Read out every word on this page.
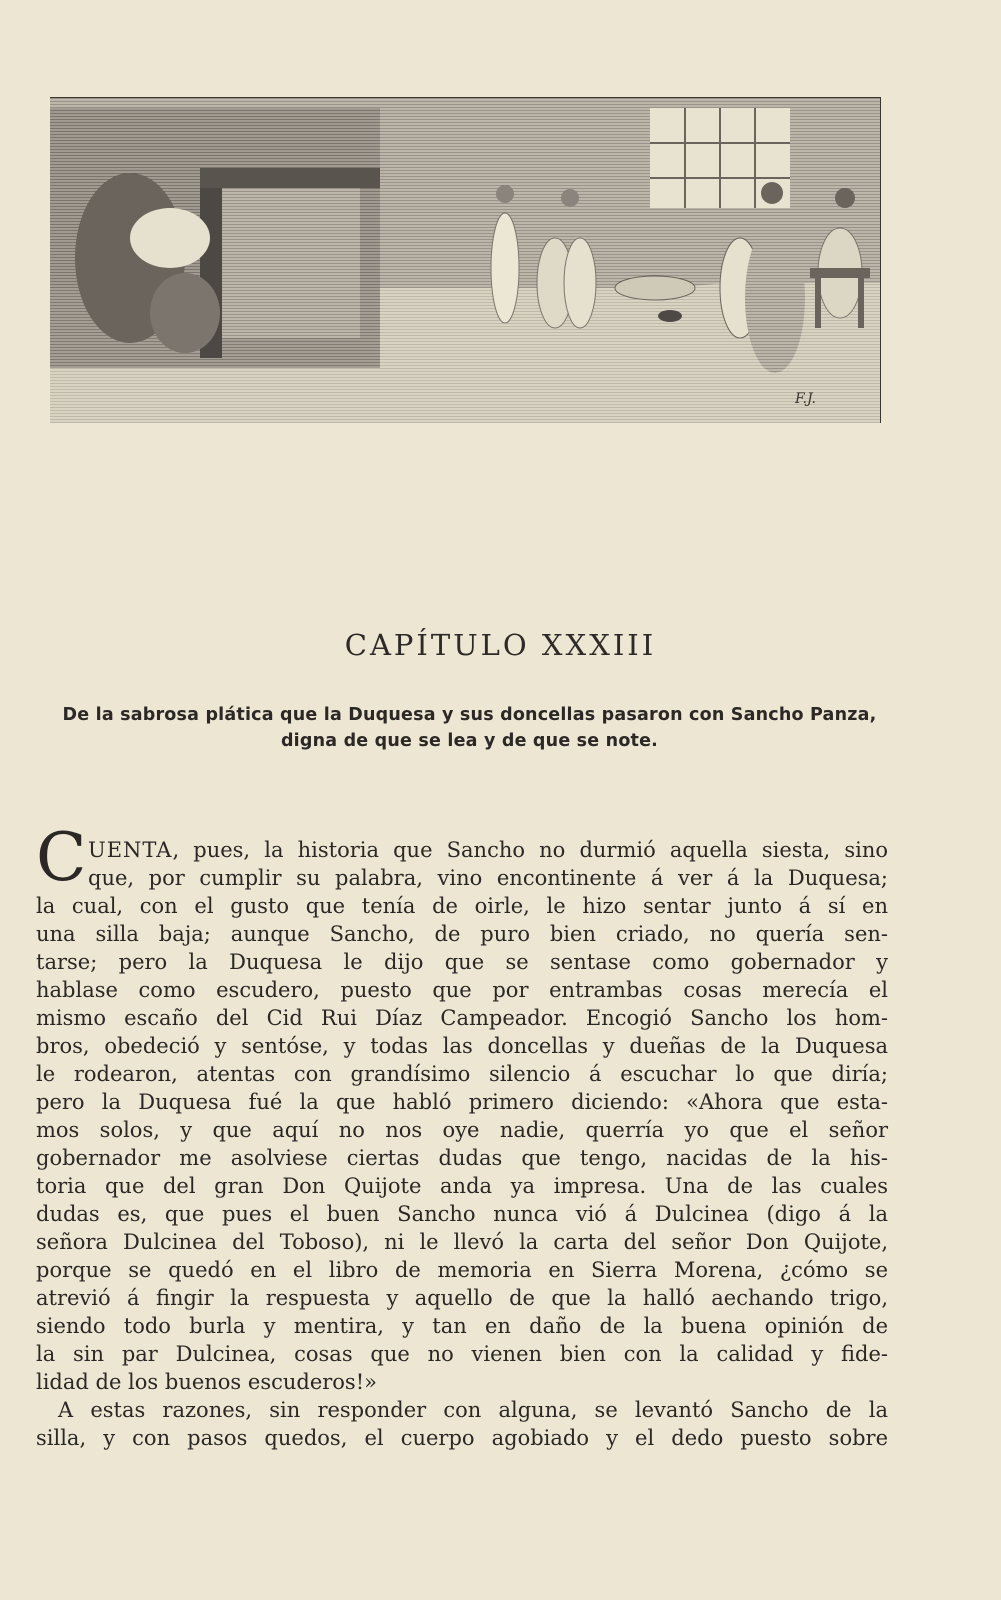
F.J.
CAPÍTULO XXXIII
De la sabrosa plática que la Duquesa y sus doncellas pasaron con Sancho Panza,
digna de que se lea y de que se note.
C UENTA, pues, la historia que Sancho no durmió aquella siesta, sino
que, por cumplir su palabra, vino encontinente á ver á la Duquesa;
la cual, con el gusto que tenía de oirle, le hizo sentar junto á sí en
una silla baja; aunque Sancho, de puro bien criado, no quería sen-
tarse; pero la Duquesa le dijo que se sentase como gobernador y
hablase como escudero, puesto que por entrambas cosas merecía el
mismo escaño del Cid Rui Díaz Campeador. Encogió Sancho los hom-
bros, obedeció y sentóse, y todas las doncellas y dueñas de la Duquesa
le rodearon, atentas con grandísimo silencio á escuchar lo que diría;
pero la Duquesa fué la que habló primero diciendo: «Ahora que esta-
mos solos, y que aquí no nos oye nadie, querría yo que el señor
gobernador me asolviese ciertas dudas que tengo, nacidas de la his-
toria que del gran Don Quijote anda ya impresa. Una de las cuales
dudas es, que pues el buen Sancho nunca vió á Dulcinea (digo á la
señora Dulcinea del Toboso), ni le llevó la carta del señor Don Quijote,
porque se quedó en el libro de memoria en Sierra Morena, ¿cómo se
atrevió á fingir la respuesta y aquello de que la halló aechando trigo,
siendo todo burla y mentira, y tan en daño de la buena opinión de
la sin par Dulcinea, cosas que no vienen bien con la calidad y fide-
lidad de los buenos escuderos!»
A estas razones, sin responder con alguna, se levantó Sancho de la
silla, y con pasos quedos, el cuerpo agobiado y el dedo puesto sobre
